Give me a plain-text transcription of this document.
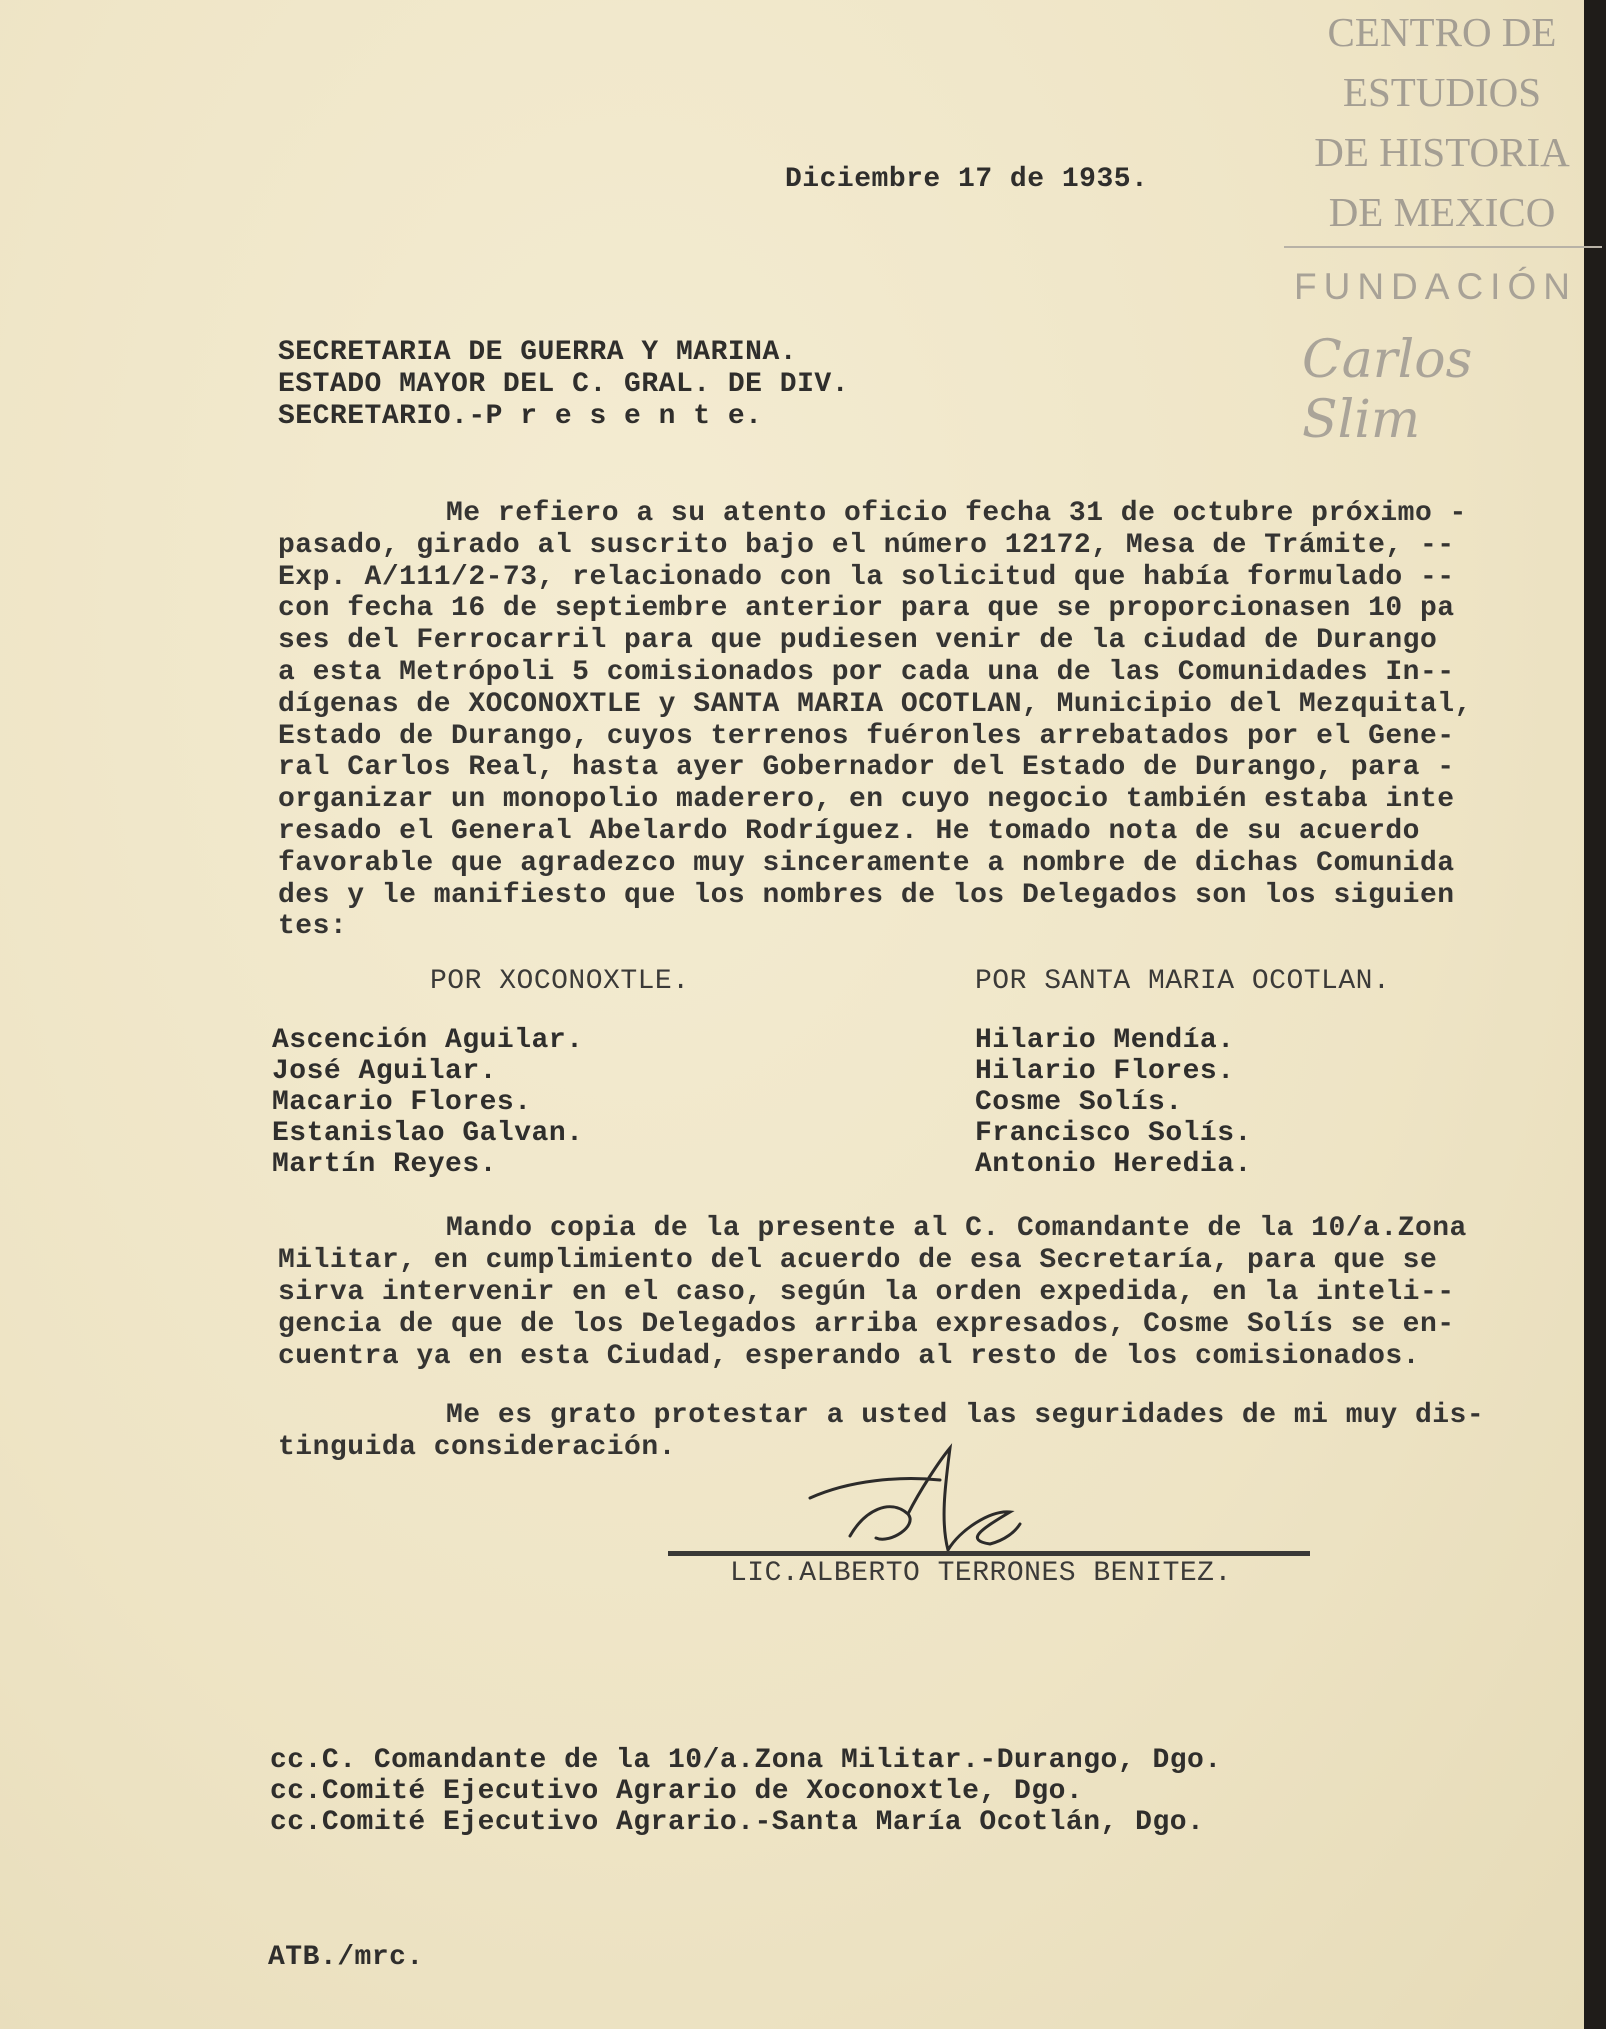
CENTRO DE
ESTUDIOS
DE HISTORIA
DE MEXICO
FUNDACIÓN
Carlos Slim
Diciembre 17 de 1935.
SECRETARIA DE GUERRA Y MARINA.
ESTADO MAYOR DEL C. GRAL. DE DIV.
SECRETARIO.-P r e s e n t e.
Me refiero a su atento oficio fecha 31 de octubre próximo -
pasado, girado al suscrito bajo el número 12172, Mesa de Trámite, --
Exp. A/111/2-73, relacionado con la solicitud que había formulado --
con fecha 16 de septiembre anterior para que se proporcionasen 10 pa
ses del Ferrocarril para que pudiesen venir de la ciudad de Durango
a esta Metrópoli 5 comisionados por cada una de las Comunidades In--
dígenas de XOCONOXTLE y SANTA MARIA OCOTLAN, Municipio del Mezquital,
Estado de Durango, cuyos terrenos fuéronles arrebatados por el Gene-
ral Carlos Real, hasta ayer Gobernador del Estado de Durango, para -
organizar un monopolio maderero, en cuyo negocio también estaba inte
resado el General Abelardo Rodríguez. He tomado nota de su acuerdo
favorable que agradezco muy sinceramente a nombre de dichas Comunida
des y le manifiesto que los nombres de los Delegados son los siguien
tes:
POR XOCONOXTLE.	POR SANTA MARIA OCOTLAN.
Ascención Aguilar.
José Aguilar.
Macario Flores.
Estanislao Galvan.
Martín Reyes.
Hilario Mendía.
Hilario Flores.
Cosme Solís.
Francisco Solís.
Antonio Heredia.
Mando copia de la presente al C. Comandante de la 10/a.Zona
Militar, en cumplimiento del acuerdo de esa Secretaría, para que se
sirva intervenir en el caso, según la orden expedida, en la inteli--
gencia de que de los Delegados arriba expresados, Cosme Solís se en-
cuentra ya en esta Ciudad, esperando al resto de los comisionados.
Me es grato protestar a usted las seguridades de mi muy dis-
tinguida consideración.
LIC.ALBERTO TERRONES BENITEZ.
cc.C. Comandante de la 10/a.Zona Militar.-Durango, Dgo.
cc.Comité Ejecutivo Agrario de Xoconoxtle, Dgo.
cc.Comité Ejecutivo Agrario.-Santa María Ocotlán, Dgo.
ATB./mrc.
